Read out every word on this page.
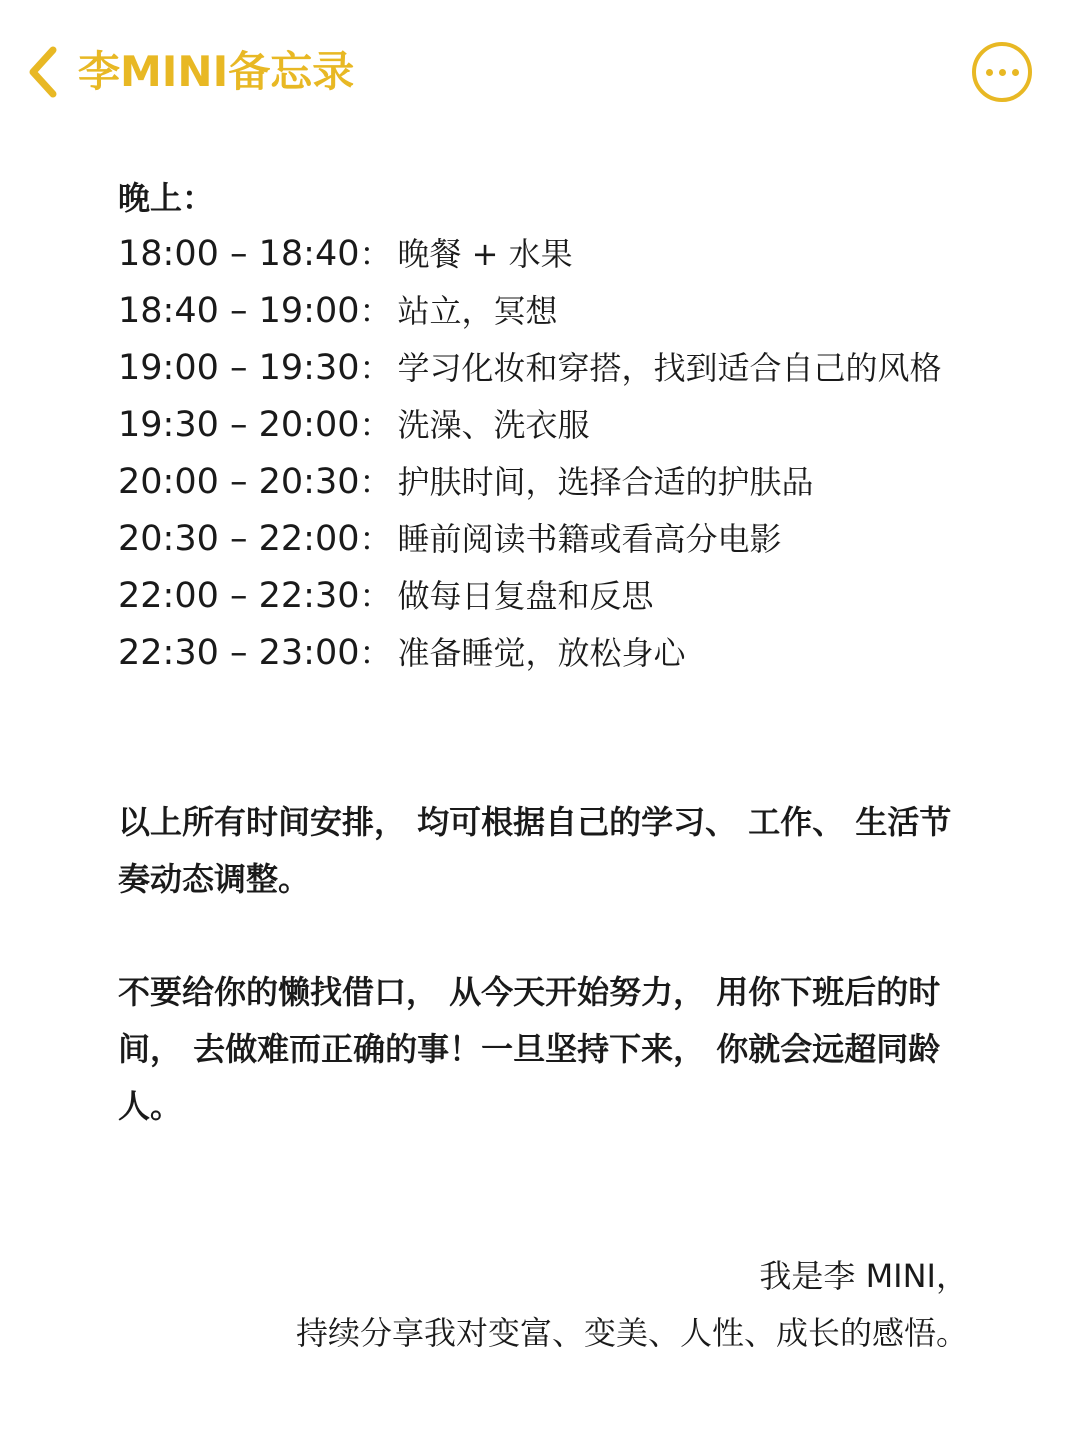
李MINI备忘录
晚上：
18:00 – 18:40 ： 晚餐 + 水果
18:40 – 19:00 ： 站立，冥想
19:00 – 19:30 ： 学习化妆和穿搭，找到适合自己的风格
19:30 – 20:00 ： 洗澡、洗衣服
20:00 – 20:30 ： 护肤时间，选择合适的护肤品
20:30 – 22:00 ： 睡前阅读书籍或看高分电影
22:00 – 22:30 ： 做每日复盘和反思
22:30 – 23:00 ： 准备睡觉，放松身心

以上所有时间安排， 均可根据自己的学习、 工作、 生活节奏动态调整。

不要给你的懒找借口， 从今天开始努力， 用你下班后的时间， 去做难而正确的事！一旦坚持下来， 你就会远超同龄人。

我是李 MINI，
持续分享我对变富、变美、人性、成长的感悟。
